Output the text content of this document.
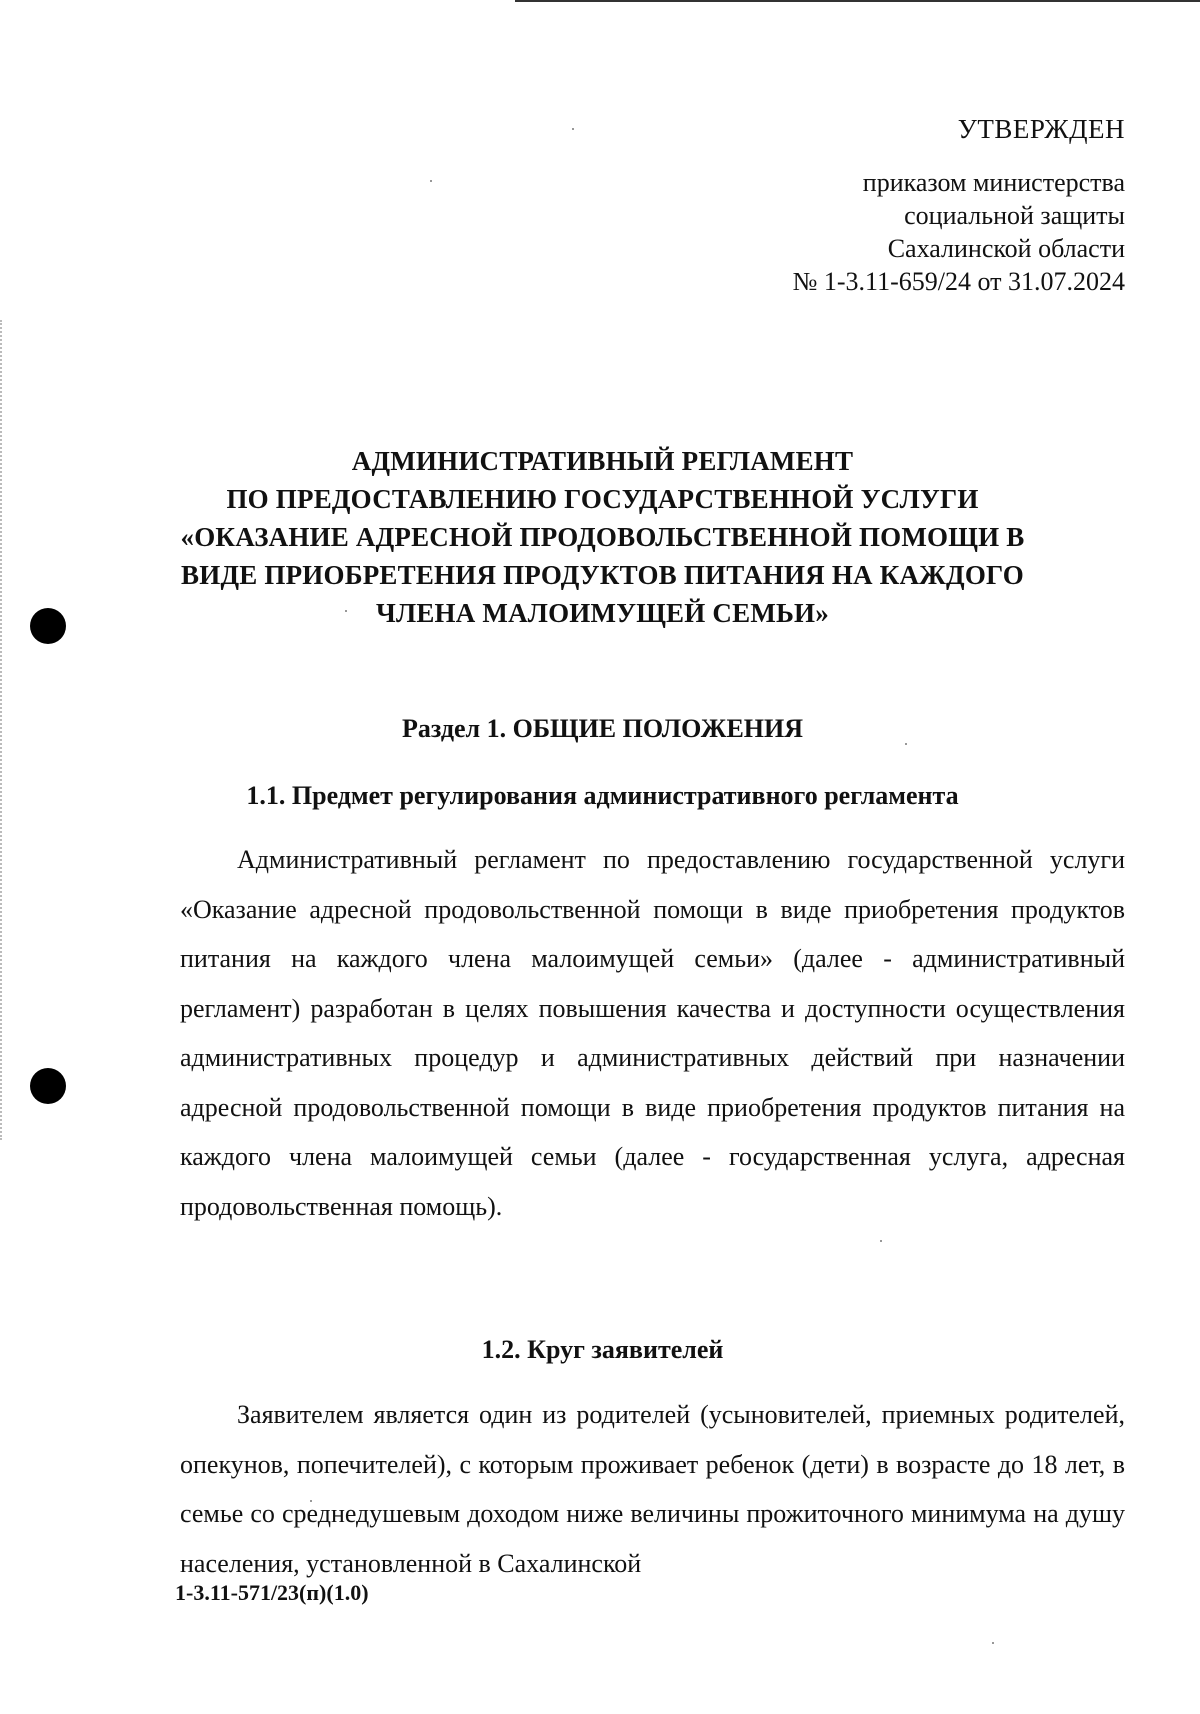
УТВЕРЖДЕН
приказом министерства
социальной защиты
Сахалинской области
№ 1-3.11-659/24 от 31.07.2024
АДМИНИСТРАТИВНЫЙ РЕГЛАМЕНТ
ПО ПРЕДОСТАВЛЕНИЮ ГОСУДАРСТВЕННОЙ УСЛУГИ
«ОКАЗАНИЕ АДРЕСНОЙ ПРОДОВОЛЬСТВЕННОЙ ПОМОЩИ В
ВИДЕ ПРИОБРЕТЕНИЯ ПРОДУКТОВ ПИТАНИЯ НА КАЖДОГО
ЧЛЕНА МАЛОИМУЩЕЙ СЕМЬИ»
Раздел 1. ОБЩИЕ ПОЛОЖЕНИЯ
1.1. Предмет регулирования административного регламента
Административный регламент по предоставлению государственной услуги «Оказание адресной продовольственной помощи в виде приобретения продуктов питания на каждого члена малоимущей семьи» (далее - административный регламент) разработан в целях повышения качества и доступности осуществления административных процедур и административных действий при назначении адресной продовольственной помощи в виде приобретения продуктов питания на каждого члена малоимущей семьи (далее - государственная услуга, адресная продовольственная помощь).
1.2. Круг заявителей
Заявителем является один из родителей (усыновителей, приемных родителей, опекунов, попечителей), с которым проживает ребенок (дети) в возрасте до 18 лет, в семье со среднедушевым доходом ниже величины прожиточного минимума на душу населения, установленной в Сахалинской
1-3.11-571/23(п)(1.0)
